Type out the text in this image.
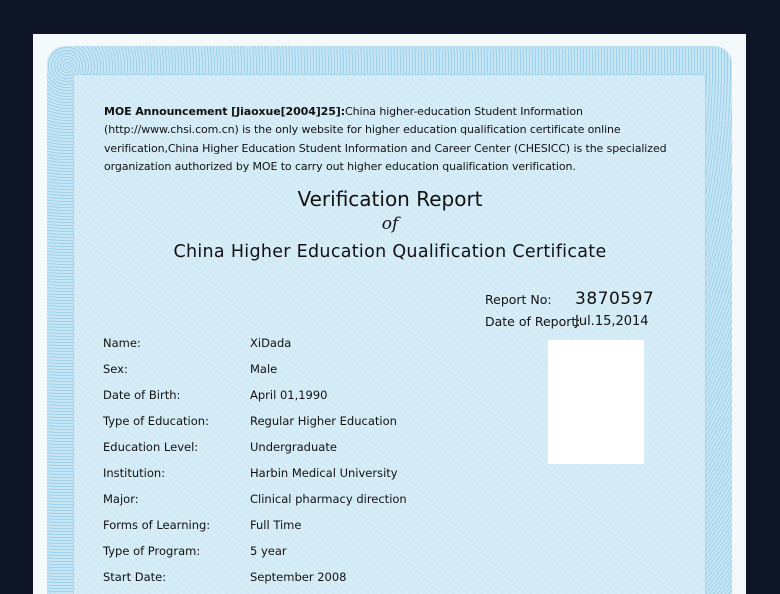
MOE Announcement [Jiaoxue[2004]25]:China higher-education Student Information (http://www.chsi.com.cn) is the only website for higher education qualification certificate online verification,China Higher Education Student Information and Career Center (CHESICC) is the specialized organization authorized by MOE to carry out higher education qualification verification.
Verification Report
of
China Higher Education Qualification Certificate
Report No: 3870597
Date of Report:
Jul.15,2014
Name:	XiDada
Sex:	Male
Date of Birth:	April 01,1990
Type of Education:	Regular Higher Education
Education Level:	Undergraduate
Institution:	Harbin Medical University
Major:	Clinical pharmacy direction
Forms of Learning:	Full Time
Type of Program:	5 year
Start Date:	September 2008
